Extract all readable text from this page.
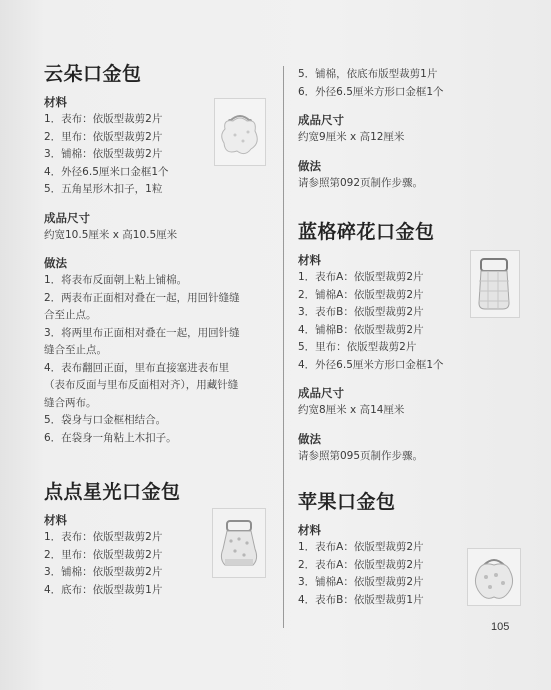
云朵口金包
材料
1．表布：依版型裁剪2片
2．里布：依版型裁剪2片
3．铺棉：依版型裁剪2片
4．外径6.5厘米口金框1个
5．五角星形木扣子，1粒
成品尺寸
约宽10.5厘米 x 高10.5厘米
做法
1．将表布反面朝上粘上铺棉。
2．两表布正面相对叠在一起，用回针缝缝
合至止点。
3．将两里布正面相对叠在一起，用回针缝
缝合至止点。
4．表布翻回正面，里布直接塞进表布里
（表布反面与里布反面相对齐），用藏针缝
缝合两布。
5．袋身与口金框相结合。
6．在袋身一角粘上木扣子。
点点星光口金包
材料
1．表布：依版型裁剪2片
2．里布：依版型裁剪2片
3．铺棉：依版型裁剪2片
4．底布：依版型裁剪1片
5．铺棉，依底布版型裁剪1片
6．外径6.5厘米方形口金框1个
成品尺寸
约宽9厘米 x 高12厘米
做法
请参照第092页制作步骤。
蓝格碎花口金包
材料
1．表布A：依版型裁剪2片
2．铺棉A：依版型裁剪2片
3．表布B：依版型裁剪2片
4．铺棉B：依版型裁剪2片
5．里布：依版型裁剪2片
4．外径6.5厘米方形口金框1个
成品尺寸
约宽8厘米 x 高14厘米
做法
请参照第095页制作步骤。
苹果口金包
材料
1．表布A：依版型裁剪2片
2．表布A：依版型裁剪2片
3．铺棉A：依版型裁剪2片
4．表布B：依版型裁剪1片
105
